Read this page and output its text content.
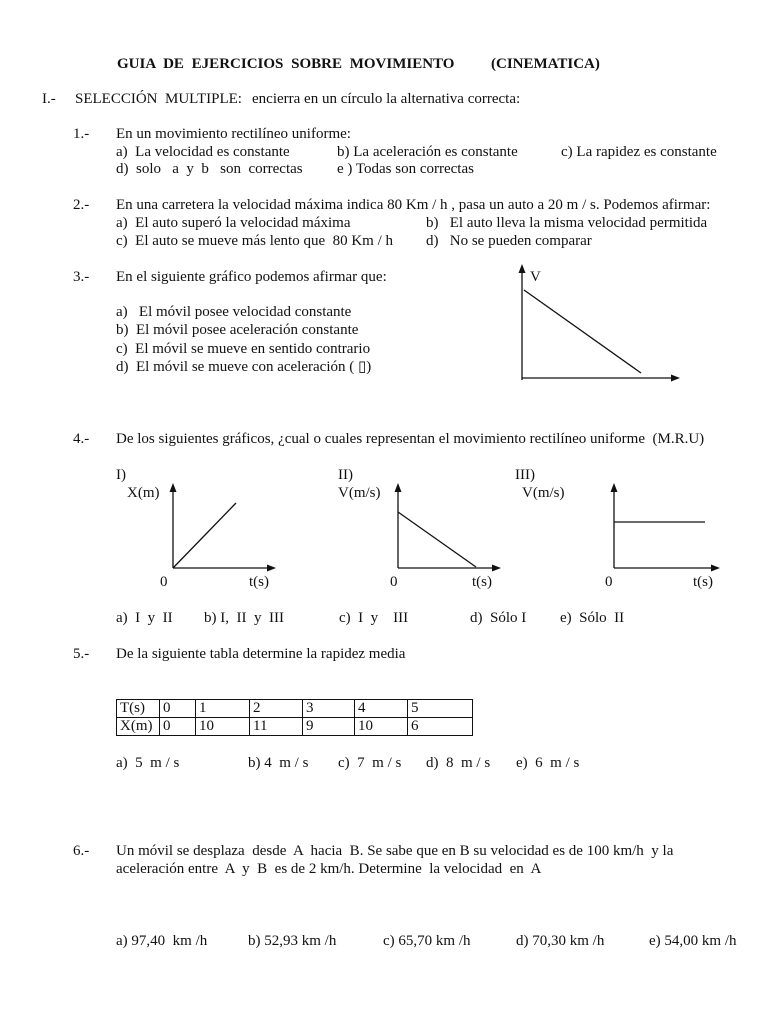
GUIA DE EJERCICIOS SOBRE MOVIMIENTO (CINEMATICA)
I.- SELECCIÓN  MULTIPLE: encierra en un círculo la alternativa correcta:
1.- En un movimiento rectilíneo uniforme:
a)  La velocidad es constante	b) La aceleración es constante	c) La rapidez es constante
d)  solo   a  y  b   son  correctas e ) Todas son correctas
2.- En una carretera la velocidad máxima indica 80 Km / h , pasa un auto a 20 m / s. Podemos afirmar:
a)  El auto superó la velocidad máxima	b)   El auto lleva la misma velocidad permitida
c)  El auto se mueve más lento que  80 Km / h d)   No se pueden comparar
3.- En el siguiente gráfico podemos afirmar que:
a)   El móvil posee velocidad constante
b)  El móvil posee aceleración constante
c)  El móvil se mueve en sentido contrario
d)  El móvil se mueve con aceleración ( ▯)
V
4.- De los siguientes gráficos, ¿cual o cuales representan el movimiento rectilíneo uniforme  (M.R.U)
I)
X(m)
0	t(s)
II)
V(m/s)
0	t(s)
III)
V(m/s)
0	t(s)
a)  I  y  II b) I,  II  y  III	c)  I  y    III	d)  Sólo I e)  Sólo  II
5.- De la siguiente tabla determine la rapidez media
T(s)	0	1	2	3	4	5
X(m)	0	10	11	9	10	6
a)  5  m / s	b) 4  m / s c)  7  m / s d)  8  m / s e)  6  m / s
6.- Un móvil se desplaza  desde  A  hacia  B. Se sabe que en B su velocidad es de 100 km/h  y la
aceleración entre  A  y  B  es de 2 km/h. Determine  la velocidad  en  A
a) 97,40  km /h	b) 52,93 km /h	c) 65,70 km /h	d) 70,30 km /h	e) 54,00 km /h
